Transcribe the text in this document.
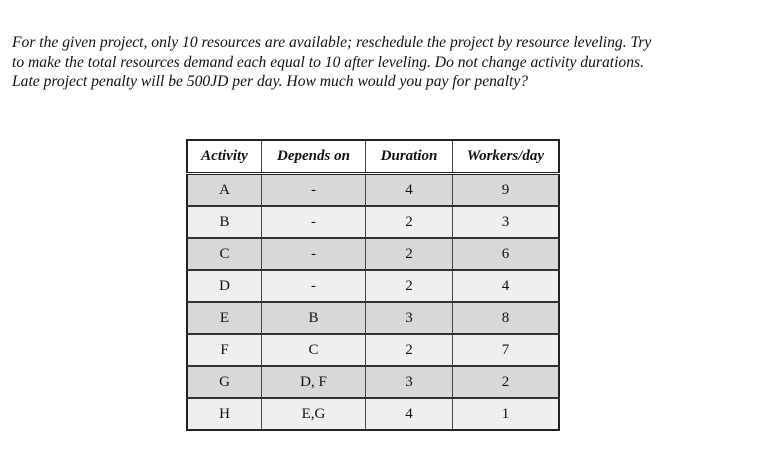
For the given project, only 10 resources are available; reschedule the project by resource leveling. Try
to make the total resources demand each equal to 10 after leveling. Do not change activity durations.
Late project penalty will be 500JD per day. How much would you pay for penalty?

Activity	Depends on	Duration	Workers/day
A	-	4	9
B	-	2	3
C	-	2	6
D	-	2	4
E	B	3	8
F	C	2	7
G	D, F	3	2
H	E,G	4	1
